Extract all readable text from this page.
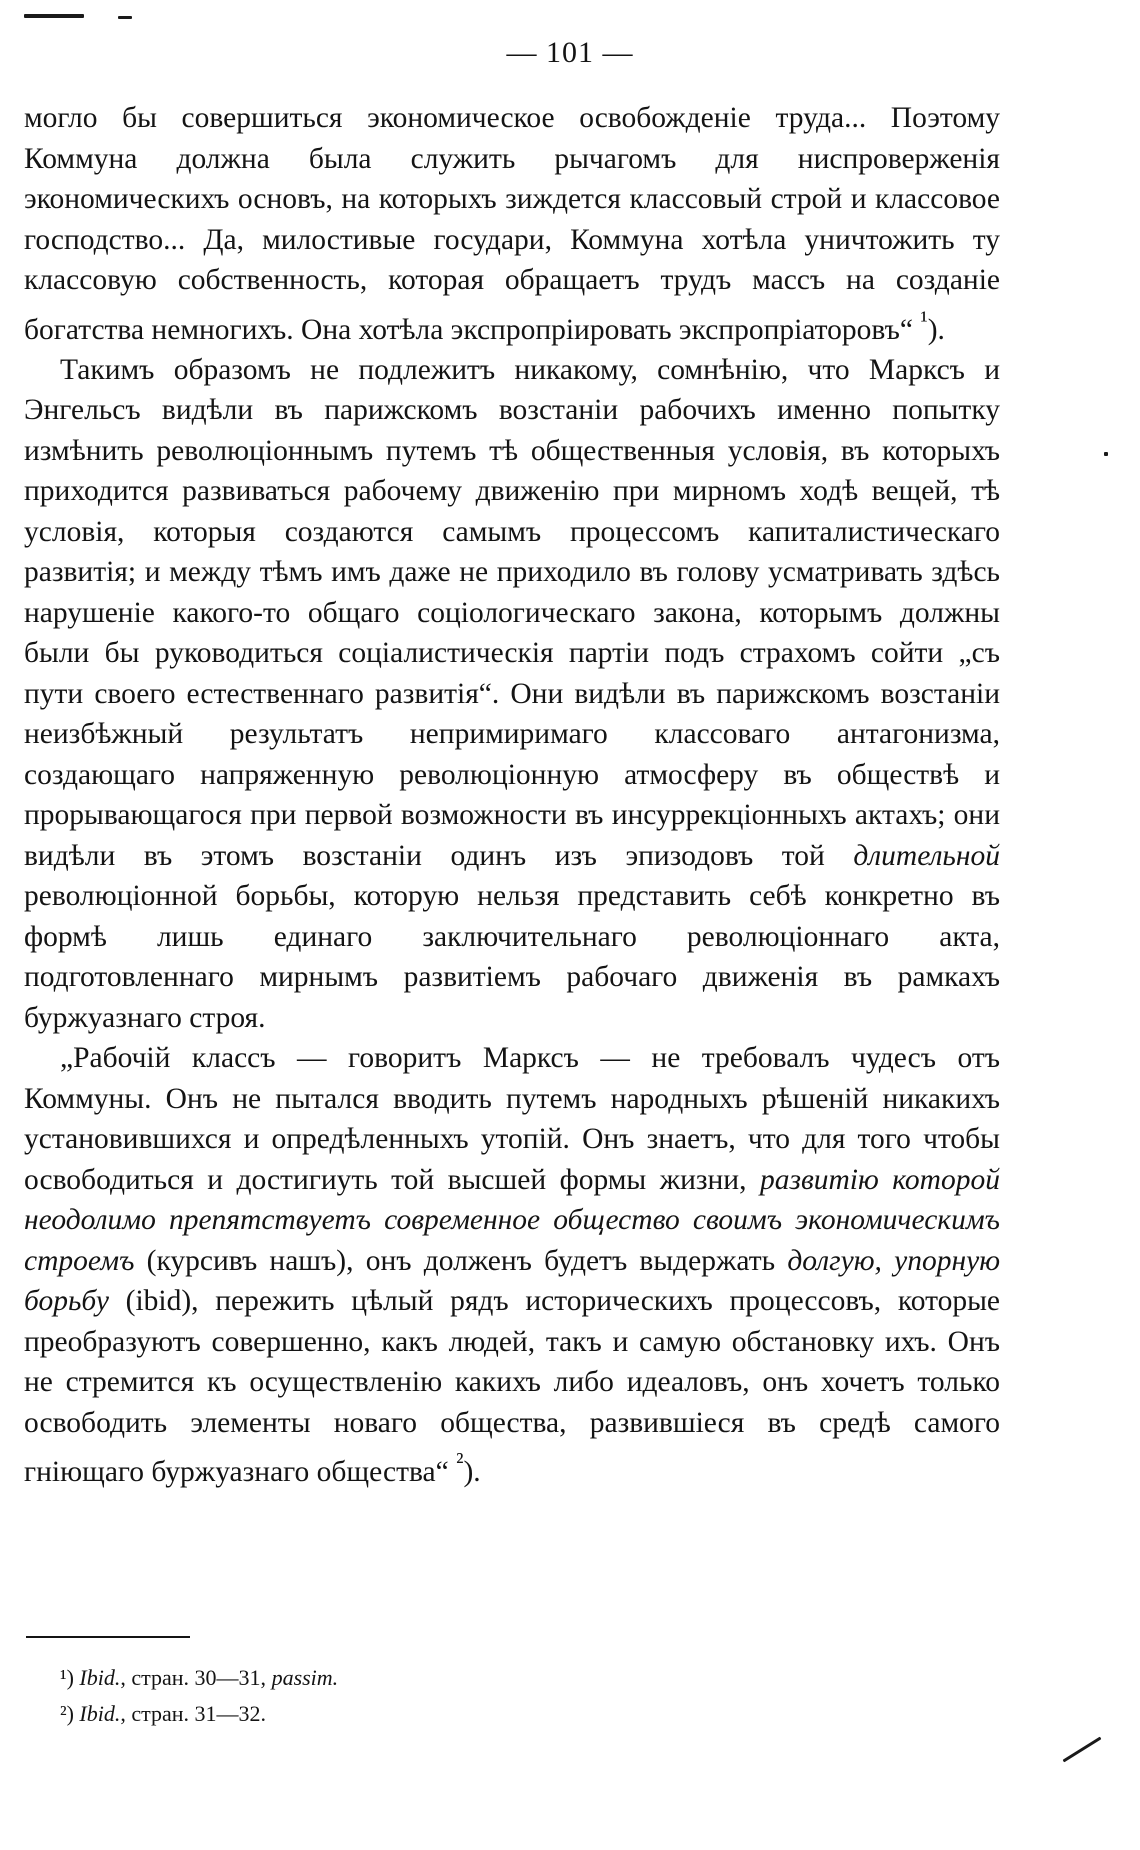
— 101 —

могло бы совершиться экономическое освобожденіе труда... Поэтому Коммуна должна была служить рычагомъ для ниспроверженія экономическихъ основъ, на которыхъ зиждется классовый строй и классовое господство... Да, милостивые государи, Коммуна хотѣла уничтожить ту классовую собственность, которая обращаетъ трудъ массъ на созданіе богатства немногихъ. Она хотѣла экспропріировать экспропріаторовъ“ $^{^1}$).

Такимъ образомъ не подлежитъ никакому, сомнѣнію, что Марксъ и Энгельсъ видѣли въ парижскомъ возстаніи рабочихъ именно попытку измѣнить революціоннымъ путемъ тѣ общественныя условія, въ которыхъ приходится развиваться рабочему движенію при мирномъ ходѣ вещей, тѣ условія, которыя создаются самымъ процессомъ капиталистическаго развитія; и между тѣмъ имъ даже не приходило въ голову усматривать здѣсь нарушеніе какого-то общаго соціологическаго закона, которымъ должны были бы руководиться соціалистическія партіи подъ страхомъ сойти „съ пути своего естественнаго развитія“. Они видѣли въ парижскомъ возстаніи неизбѣжный результатъ непримиримаго классоваго антагонизма, создающаго напряженную революціонную атмосферу въ обществѣ и прорывающагося при первой возможности въ инсуррекціонныхъ актахъ; они видѣли въ этомъ возстаніи одинъ изъ эпизодовъ той длительной революціонной борьбы, которую нельзя представить себѣ конкретно въ формѣ лишь единаго заключительнаго революціоннаго акта, подготовленнаго мирнымъ развитіемъ рабочаго движенія въ рамкахъ буржуазнаго строя.

„Рабочій классъ — говоритъ Марксъ — не требовалъ чудесъ отъ Коммуны. Онъ не пытался вводить путемъ народныхъ рѣшеній никакихъ установившихся и опредѣленныхъ утопій. Онъ знаетъ, что для того чтобы освободиться и достигиуть той высшей формы жизни, развитію которой неодолимо препятствуетъ современное общество своимъ экономическимъ строемъ (курсивъ нашъ), онъ долженъ будетъ выдержать долгую, упорную борьбу (ibid), пережить цѣлый рядъ историческихъ процессовъ, которые преобразуютъ совершенно, какъ людей, такъ и самую обстановку ихъ. Онъ не стремится къ осуществленію какихъ либо идеаловъ, онъ хочетъ только освободить элементы новаго общества, развившіеся въ средѣ самого гніющаго буржуазнаго общества“ $^{^2}$).

¹) Ibid., стран. 30—31, passim.
²) Ibid., стран. 31—32.
